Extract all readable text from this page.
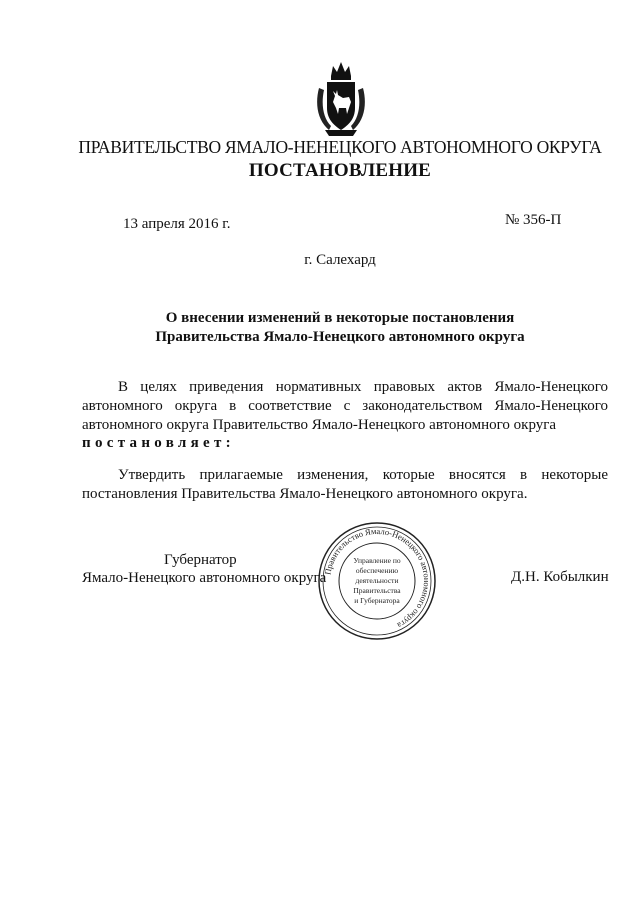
ПРАВИТЕЛЬСТВО ЯМАЛО-НЕНЕЦКОГО АВТОНОМНОГО ОКРУГА
ПОСТАНОВЛЕНИЕ
13 апреля 2016 г.	№ 356-П
г. Салехард
О внесении изменений в некоторые постановления
Правительства Ямало-Ненецкого автономного округа
В целях приведения нормативных правовых актов Ямало-Ненецкого автономного округа в соответствие с законодательством Ямало-Ненецкого автономного округа Правительство Ямало-Ненецкого автономного округа
постановляет:
Утвердить прилагаемые изменения, которые вносятся в некоторые постановления Правительства Ямало-Ненецкого автономного округа.
Губернатор
Ямало-Ненецкого автономного округа
Правительство Ямало-Ненецкого автономного округа
Управление по
обеспечению
деятельности
Правительства
и Губернатора
Д.Н. Кобылкин
